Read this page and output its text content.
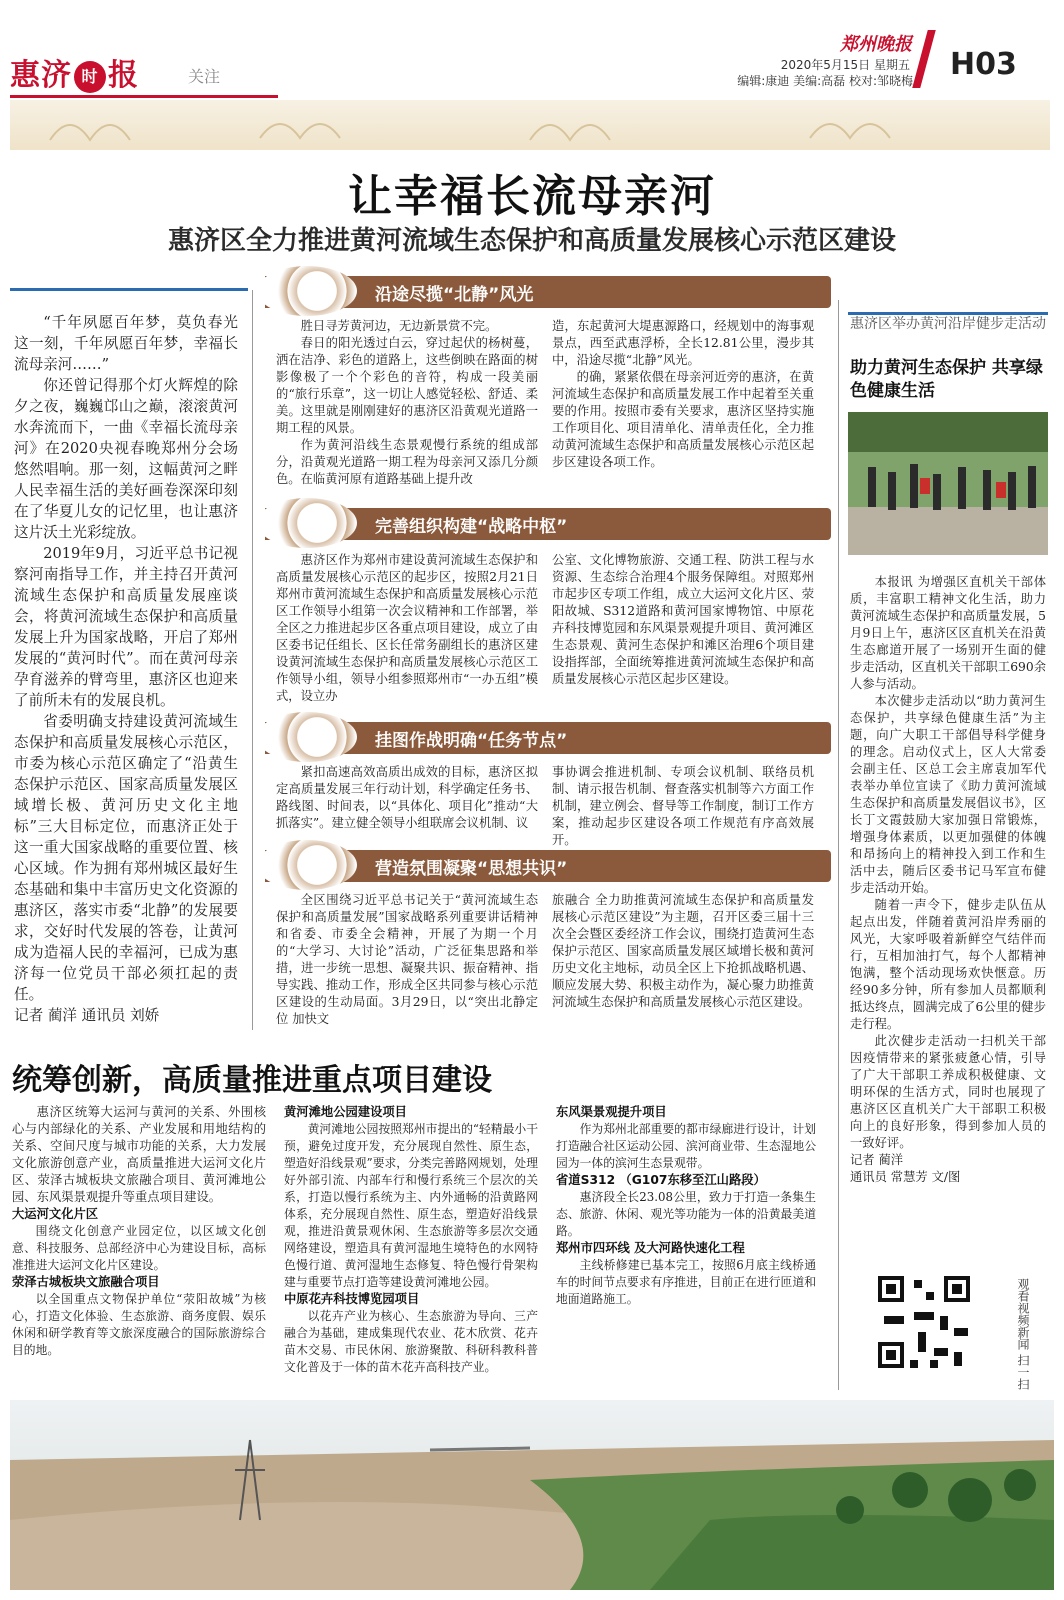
惠济 时 报	关注
郑州晚报
2020年5月15日 星期五
编辑:康迪 美编:高磊 校对:邹晓梅 H03
让幸福长流母亲河
惠济区全力推进黄河流域生态保护和高质量发展核心示范区建设

“千年夙愿百年梦，莫负春光这一刻，千年夙愿百年梦，幸福长流母亲河……”

你还曾记得那个灯火辉煌的除夕之夜，巍巍邙山之巅，滚滚黄河水奔流而下，一曲《幸福长流母亲河》在2020央视春晚郑州分会场悠然唱响。那一刻，这幅黄河之畔人民幸福生活的美好画卷深深印刻在了华夏儿女的记忆里，也让惠济这片沃土光彩绽放。

2019年9月，习近平总书记视察河南指导工作，并主持召开黄河流域生态保护和高质量发展座谈会，将黄河流域生态保护和高质量发展上升为国家战略，开启了郑州发展的“黄河时代”。而在黄河母亲孕育滋养的臂弯里，惠济区也迎来了前所未有的发展良机。

省委明确支持建设黄河流域生态保护和高质量发展核心示范区，市委为核心示范区确定了“沿黄生态保护示范区、国家高质量发展区域增长极、黄河历史文化主地标”三大目标定位，而惠济正处于这一重大国家战略的重要位置、核心区域。作为拥有郑州城区最好生态基础和集中丰富历史文化资源的惠济区，落实市委“北静”的发展要求，交好时代发展的答卷，让黄河成为造福人民的幸福河，已成为惠济每一位党员干部必须扛起的责任。

记者 蔺洋 通讯员 刘娇
沿途尽揽“北静”风光

胜日寻芳黄河边，无边新景赏不完。

春日的阳光透过白云，穿过起伏的杨树蔓，洒在洁净、彩色的道路上，这些倒映在路面的树影像极了一个个彩色的音符，构成一段美丽的“旅行乐章”，这一切让人感觉轻松、舒适、柔美。这里就是刚刚建好的惠济区沿黄观光道路一期工程的风景。

作为黄河沿线生态景观慢行系统的组成部分，沿黄观光道路一期工程为母亲河又添几分颜色。在临黄河原有道路基础上提升改

造，东起黄河大堤惠源路口，经规划中的海事观景点，西至武惠浮桥，全长12.81公里，漫步其中，沿途尽揽“北静”风光。

的确，紧紧依偎在母亲河近旁的惠济，在黄河流域生态保护和高质量发展工作中起着至关重要的作用。按照市委有关要求，惠济区坚持实施工作项目化、项目清单化、清单责任化，全力推动黄河流域生态保护和高质量发展核心示范区起步区建设各项工作。

完善组织构建“战略中枢”

惠济区作为郑州市建设黄河流域生态保护和高质量发展核心示范区的起步区，按照2月21日郑州市黄河流域生态保护和高质量发展核心示范区工作领导小组第一次会议精神和工作部署，举全区之力推进起步区各重点项目建设，成立了由区委书记任组长、区长任常务副组长的惠济区建设黄河流域生态保护和高质量发展核心示范区工作领导小组，领导小组参照郑州市“一办五组”模式，设立办

公室、文化博物旅游、交通工程、防洪工程与水资源、生态综合治理4个服务保障组。对照郑州市起步区专项工作组，成立大运河文化片区、荥阳故城、S312道路和黄河国家博物馆、中原花卉科技博览园和东风渠景观提升项目、黄河滩区生态景观、黄河生态保护和滩区治理6个项目建设指挥部，全面统筹推进黄河流域生态保护和高质量发展核心示范区起步区建设。

挂图作战明确“任务节点”

紧扣高速高效高质出成效的目标，惠济区拟定高质量发展三年行动计划，科学确定任务书、路线图、时间表，以“具体化、项目化”推动“大抓落实”。建立健全领导小组联席会议机制、议

事协调会推进机制、专项会议机制、联络员机制、请示报告机制、督查落实机制等六方面工作机制，建立例会、督导等工作制度，制订工作方案，推动起步区建设各项工作规范有序高效展开。

营造氛围凝聚“思想共识”

全区围绕习近平总书记关于“黄河流域生态保护和高质量发展”国家战略系列重要讲话精神和省委、市委全会精神，开展了为期一个月的“大学习、大讨论”活动，广泛征集思路和举措，进一步统一思想、凝聚共识、振奋精神、指导实践、推动工作，形成全区共同参与核心示范区建设的生动局面。3月29日，以“突出北静定位 加快文

旅融合 全力助推黄河流域生态保护和高质量发展核心示范区建设”为主题，召开区委三届十三次全会暨区委经济工作会议，围绕打造黄河生态保护示范区、国家高质量发展区域增长极和黄河历史文化主地标，动员全区上下抢抓战略机遇、顺应发展大势、积极主动作为，凝心聚力助推黄河流域生态保护和高质量发展核心示范区建设。

惠济区举办黄河沿岸健步走活动
助力黄河生态保护 共享绿色健康生活

本报讯 为增强区直机关干部体质，丰富职工精神文化生活，助力黄河流域生态保护和高质量发展，5月9日上午，惠济区区直机关在沿黄生态廊道开展了一场别开生面的健步走活动，区直机关干部职工690余人参与活动。

本次健步走活动以“助力黄河生态保护，共享绿色健康生活”为主题，向广大职工干部倡导科学健身的理念。启动仪式上，区人大常委会副主任、区总工会主席袁加军代表举办单位宣读了《助力黄河流域生态保护和高质量发展倡议书》，区长丁文霞鼓励大家加强日常锻炼，增强身体素质，以更加强健的体魄和昂扬向上的精神投入到工作和生活中去，随后区委书记马军宣布健步走活动开始。

随着一声令下，健步走队伍从起点出发，伴随着黄河沿岸秀丽的风光，大家呼吸着新鲜空气结伴而行，互相加油打气，每个人都精神饱满，整个活动现场欢快惬意。历经90多分钟，所有参加人员都顺利抵达终点，圆满完成了6公里的健步走行程。

此次健步走活动一扫机关干部因疫情带来的紧张疲惫心情，引导了广大干部职工养成积极健康、文明环保的生活方式，同时也展现了惠济区区直机关广大干部职工积极向上的良好形象，得到参加人员的一致好评。

记者 蔺洋
通讯员 常慧芳 文/图
观看视频新闻 扫一扫
统筹创新，高质量推进重点项目建设

惠济区统筹大运河与黄河的关系、外围核心与内部绿化的关系、产业发展和用地结构的关系、空间尺度与城市功能的关系，大力发展文化旅游创意产业，高质量推进大运河文化片区、荥泽古城板块文旅融合项目、黄河滩地公园、东风渠景观提升等重点项目建设。

大运河文化片区

围绕文化创意产业园定位，以区域文化创意、科技服务、总部经济中心为建设目标，高标准推进大运河文化片区建设。

荥泽古城板块文旅融合项目

以全国重点文物保护单位“荥阳故城”为核心，打造文化体验、生态旅游、商务度假、娱乐休闲和研学教育等文旅深度融合的国际旅游综合目的地。

黄河滩地公园建设项目

黄河滩地公园按照郑州市提出的“轻精最小干预，避免过度开发，充分展现自然性、原生态，塑造好沿线景观”要求，分类完善路网规划，处理好外部引流、内部车行和慢行系统三个层次的关系，打造以慢行系统为主、内外通畅的沿黄路网体系，充分展现自然性、原生态，塑造好沿线景观，推进沿黄景观休闲、生态旅游等多层次交通网络建设，塑造具有黄河湿地生境特色的水网特色慢行道、黄河湿地生态修复、特色慢行骨架构建与重要节点打造等建设黄河滩地公园。

中原花卉科技博览园项目

以花卉产业为核心、生态旅游为导向、三产融合为基础，建成集现代农业、花木欣赏、花卉苗木交易、市民休闲、旅游聚散、科研科教科普文化普及于一体的苗木花卉高科技产业。

东风渠景观提升项目

作为郑州北部重要的都市绿廊进行设计，计划打造融合社区运动公园、滨河商业带、生态湿地公园为一体的滨河生态景观带。

省道S312 （G107东移至江山路段）

惠济段全长23.08公里，致力于打造一条集生态、旅游、休闲、观光等功能为一体的沿黄最美道路。

郑州市四环线 及大河路快速化工程

主线桥修建已基本完工，按照6月底主线桥通车的时间节点要求有序推进，目前正在进行匝道和地面道路施工。
